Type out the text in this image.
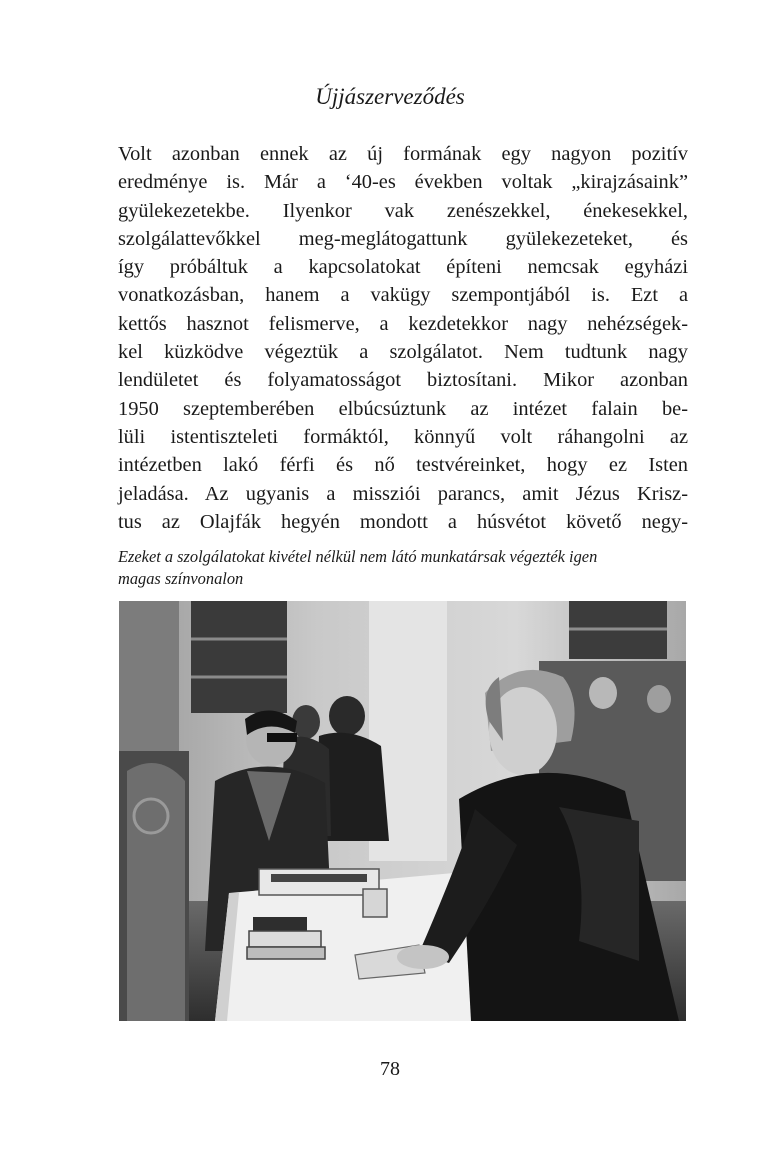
Újjászerveződés
Volt azonban ennek az új formának egy nagyon pozitív
eredménye is. Már a ‘40-es években voltak „kirajzásaink”
gyülekezetekbe. Ilyenkor vak zenészekkel, énekesekkel,
szolgálattevőkkel meg-meglátogattunk gyülekezeteket, és
így próbáltuk a kapcsolatokat építeni nemcsak egyházi
vonatkozásban, hanem a vakügy szempontjából is. Ezt a
kettős hasznot felismerve, a kezdetekkor nagy nehézségek-
kel küzködve végeztük a szolgálatot. Nem tudtunk nagy
lendületet és folyamatosságot biztosítani. Mikor azonban
1950 szeptemberében elbúcsúztunk az intézet falain be-
lüli istentiszteleti formáktól, könnyű volt ráhangolni az
intézetben lakó férfi és nő testvéreinket, hogy ez Isten
jeladása. Az ugyanis a missziói parancs, amit Jézus Krisz-
tus az Olajfák hegyén mondott a húsvétot követő negy-
Ezeket a szolgálatokat kivétel nélkül nem látó munkatársak végezték igen
magas színvonalon
78
